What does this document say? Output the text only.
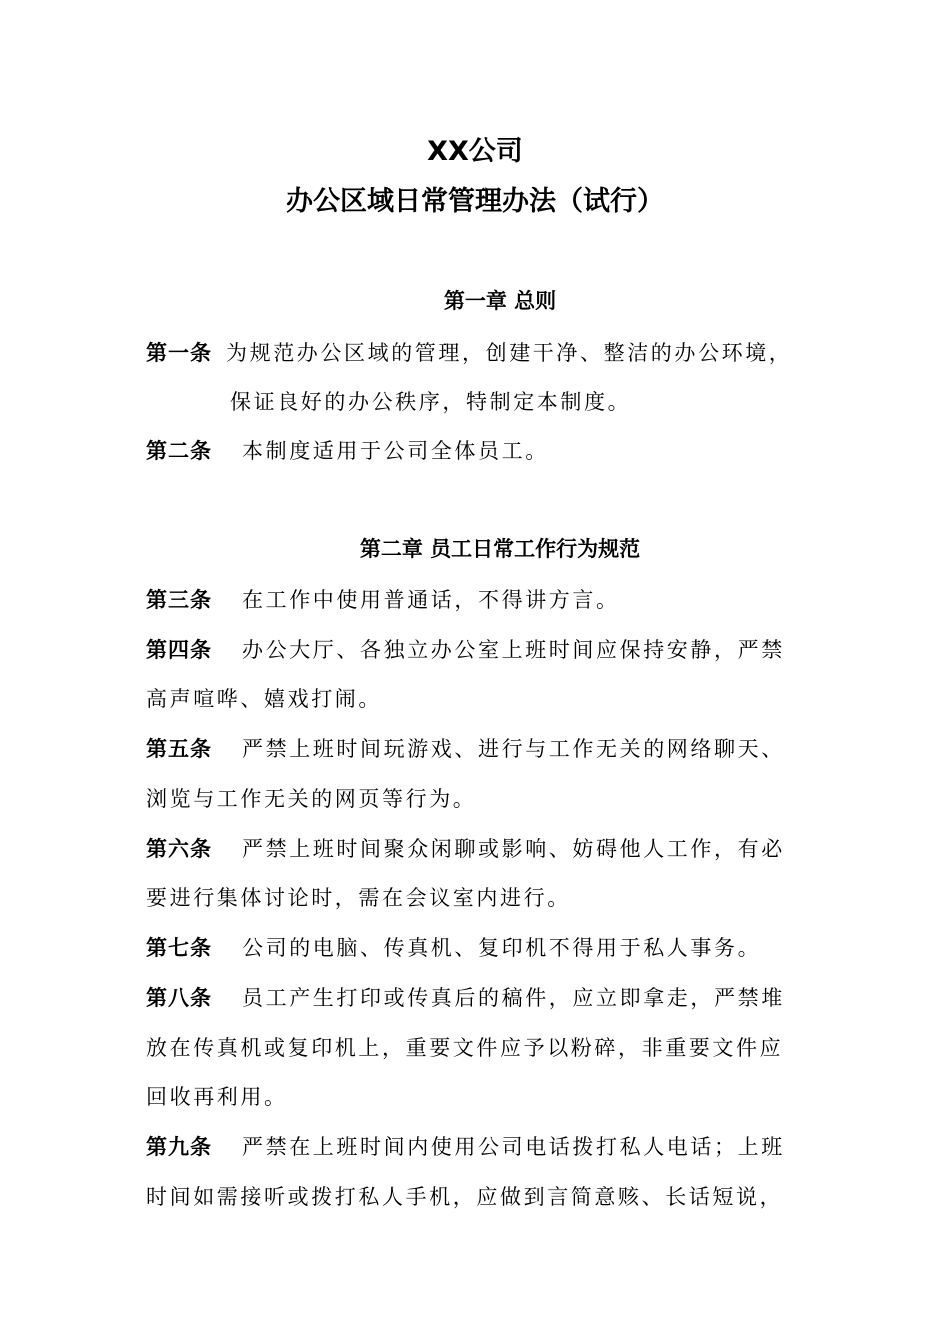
XX公司
办公区域日常管理办法（试行）
第一章 总则
第一条 为规范办公区域的管理，创建干净、整洁的办公环境，
保证良好的办公秩序，特制定本制度。
第二条 本制度适用于公司全体员工。
第二章 员工日常工作行为规范
第三条 在工作中使用普通话，不得讲方言。
第四条 办公大厅、各独立办公室上班时间应保持安静，严禁
高声喧哗、嬉戏打闹。
第五条 严禁上班时间玩游戏、进行与工作无关的网络聊天、
浏览与工作无关的网页等行为。
第六条 严禁上班时间聚众闲聊或影响、妨碍他人工作，有必
要进行集体讨论时，需在会议室内进行。
第七条 公司的电脑、传真机、复印机不得用于私人事务。
第八条 员工产生打印或传真后的稿件，应立即拿走，严禁堆
放在传真机或复印机上，重要文件应予以粉碎，非重要文件应
回收再利用。
第九条 严禁在上班时间内使用公司电话拨打私人电话；上班
时间如需接听或拨打私人手机，应做到言简意赅、长话短说，
